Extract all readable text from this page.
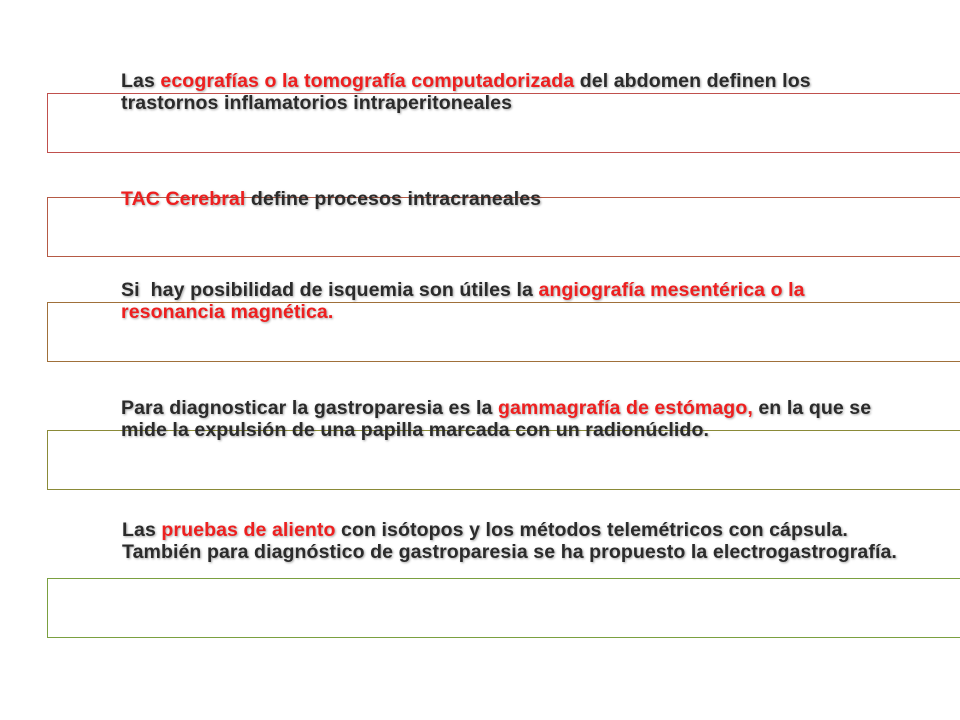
Las ecografías o la tomografía computadorizada del abdomen definen los trastornos inflamatorios intraperitoneales
TAC Cerebral define procesos intracraneales
Si  hay posibilidad de isquemia son útiles la angiografía mesentérica o la resonancia magnética.
Para diagnosticar la gastroparesia es la gammagrafía de estómago, en la que se mide la expulsión de una papilla marcada con un radionúclido.
Las pruebas de aliento con isótopos y los métodos telemétricos con cápsula. También para diagnóstico de gastroparesia se ha propuesto la electrogastrografía.
